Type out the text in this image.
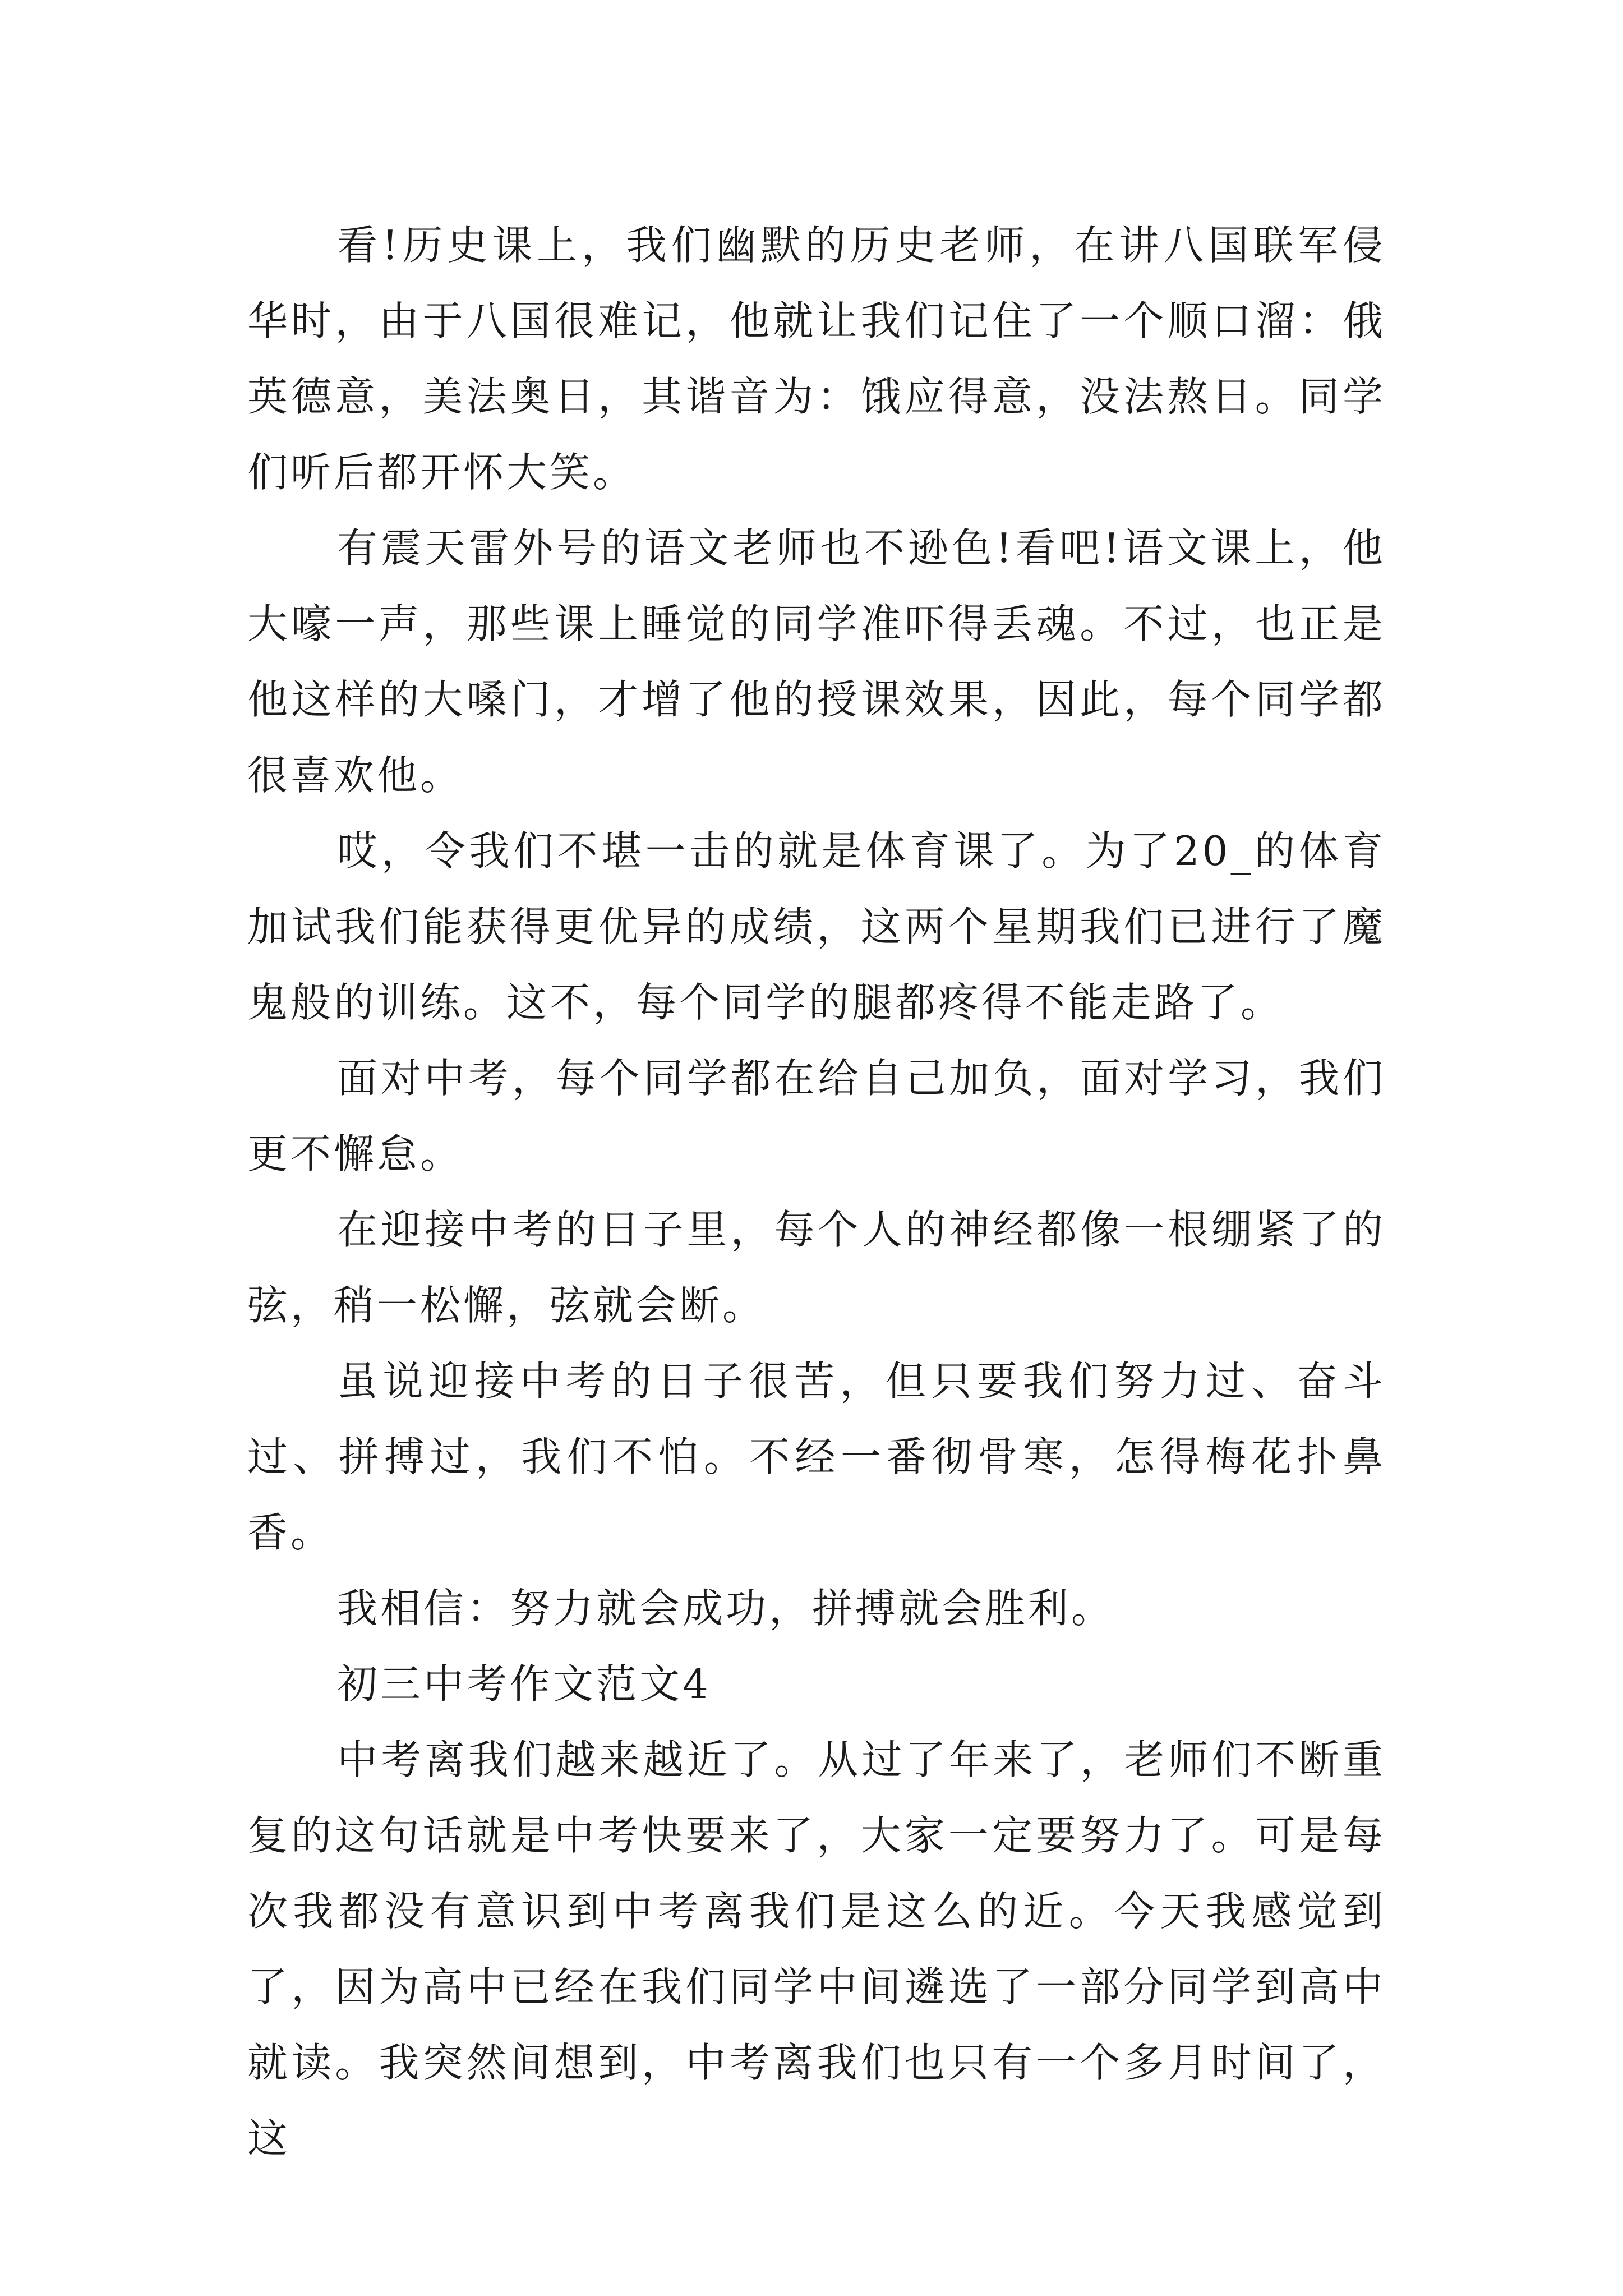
看!历史课上，我们幽默的历史老师，在讲八国联军侵华时，由于八国很难记，他就让我们记住了一个顺口溜：俄英德意，美法奥日，其谐音为：饿应得意，没法熬日。同学们听后都开怀大笑。

有震天雷外号的语文老师也不逊色!看吧!语文课上，他大嚎一声，那些课上睡觉的同学准吓得丢魂。不过，也正是他这样的大嗓门，才增了他的授课效果，因此，每个同学都很喜欢他。

哎，令我们不堪一击的就是体育课了。为了20_的体育加试我们能获得更优异的成绩，这两个星期我们已进行了魔鬼般的训练。这不，每个同学的腿都疼得不能走路了。

面对中考，每个同学都在给自己加负，面对学习，我们更不懈怠。

在迎接中考的日子里，每个人的神经都像一根绷紧了的弦，稍一松懈，弦就会断。

虽说迎接中考的日子很苦，但只要我们努力过、奋斗过、拼搏过，我们不怕。不经一番彻骨寒，怎得梅花扑鼻香。

我相信：努力就会成功，拼搏就会胜利。

初三中考作文范文4

中考离我们越来越近了。从过了年来了，老师们不断重复的这句话就是中考快要来了，大家一定要努力了。可是每次我都没有意识到中考离我们是这么的近。今天我感觉到了，因为高中已经在我们同学中间遴选了一部分同学到高中就读。我突然间想到，中考离我们也只有一个多月时间了，这
